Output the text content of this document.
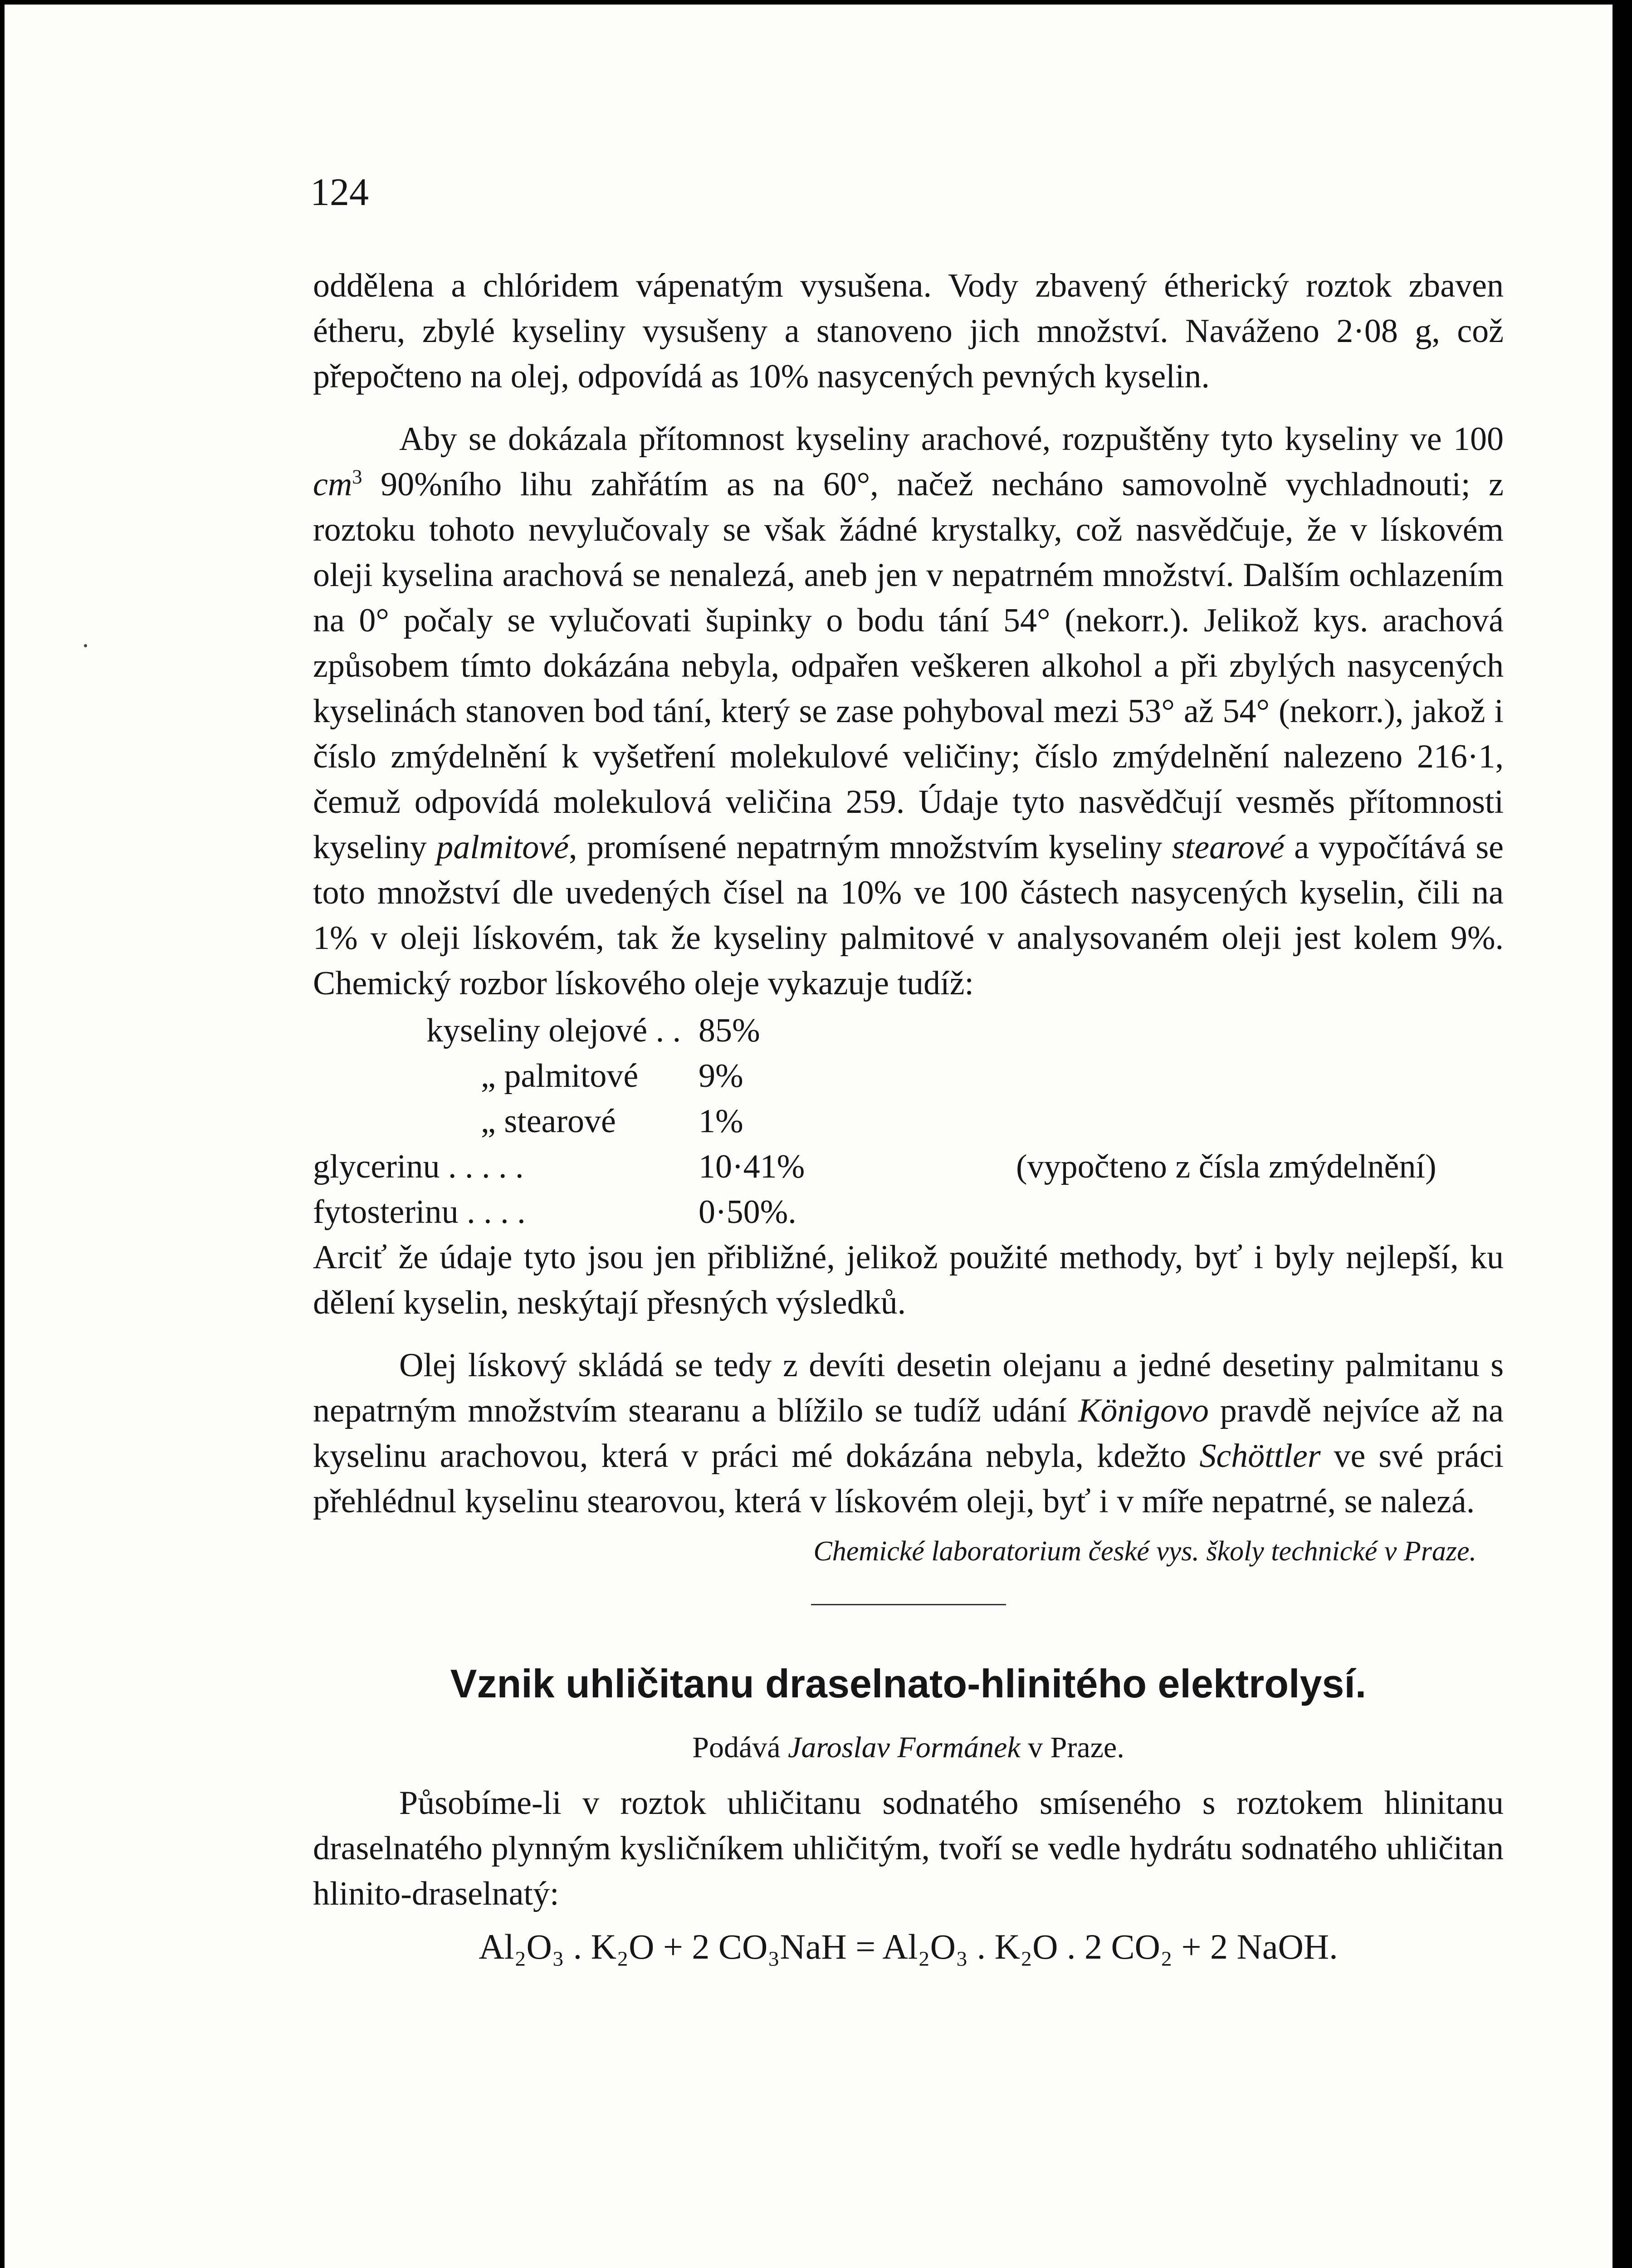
124

oddělena a chlóridem vápenatým vysušena. Vody zbavený étherický roztok zbaven étheru, zbylé kyseliny vysušeny a stanoveno jich množství. Naváženo 2·08 g, což přepočteno na olej, odpovídá as 10% nasycených pevných kyselin.

Aby se dokázala přítomnost kyseliny arachové, rozpuštěny tyto kyseliny ve 100 $cm^3$ 90%ního lihu zahřátím as na 60°, načež necháno samovolně vychladnouti; z roztoku tohoto nevylučovaly se však žádné krystalky, což nasvědčuje, že v lískovém oleji kyselina arachová se nenalezá, aneb jen v nepatrném množství. Dalším ochlazením na 0° počaly se vylučovati šupinky o bodu tání 54° (nekorr.). Jelikož kys. arachová způsobem tímto dokázána nebyla, odpařen veškeren alkohol a při zbylých nasycených kyselinách stanoven bod tání, který se zase pohyboval mezi 53° až 54° (nekorr.), jakož i číslo zmýdelnění k vyšetření molekulové veličiny; číslo zmýdelnění nalezeno 216·1, čemuž odpovídá molekulová veličina 259. Údaje tyto nasvědčují vesměs přítomnosti kyseliny palmitové, promísené nepatrným množstvím kyseliny stearové a vypočítává se toto množství dle uvedených čísel na 10% ve 100 částech nasycených kyselin, čili na 1% v oleji lískovém, tak že kyseliny palmitové v analysovaném oleji jest kolem 9%. Chemický rozbor lískového oleje vykazuje tudíž:

kyseliny olejové . . 85%
„ palmitové	9%
„ stearové	1%
glycerinu . . . . .	10·41%	(vypočteno z čísla zmýdelnění)
fytosterinu . . . .	0·50%.

Arciť že údaje tyto jsou jen přibližné, jelikož použité methody, byť i byly nejlepší, ku dělení kyselin, neskýtají přesných výsledků.

Olej lískový skládá se tedy z devíti desetin olejanu a jedné desetiny palmitanu s nepatrným množstvím stearanu a blížilo se tudíž udání Königovo pravdě nejvíce až na kyselinu arachovou, která v práci mé dokázána nebyla, kdežto Schöttler ve své práci přehlédnul kyselinu stearovou, která v lískovém oleji, byť i v míře nepatrné, se nalezá.

Chemické laboratorium české vys. školy technické v Praze.
Vznik uhličitanu draselnato-hlinitého elektrolysí.
Podává Jaroslav Formánek v Praze.

Působíme-li v roztok uhličitanu sodnatého smíseného s roztokem hlinitanu draselnatého plynným kysličníkem uhličitým, tvoří se vedle hydrátu sodnatého uhličitan hlinito-draselnatý:

Al₂O₃ . K₂O + 2 CO₃NaH = Al₂O₃ . K₂O . 2 CO₂ + 2 NaOH.
